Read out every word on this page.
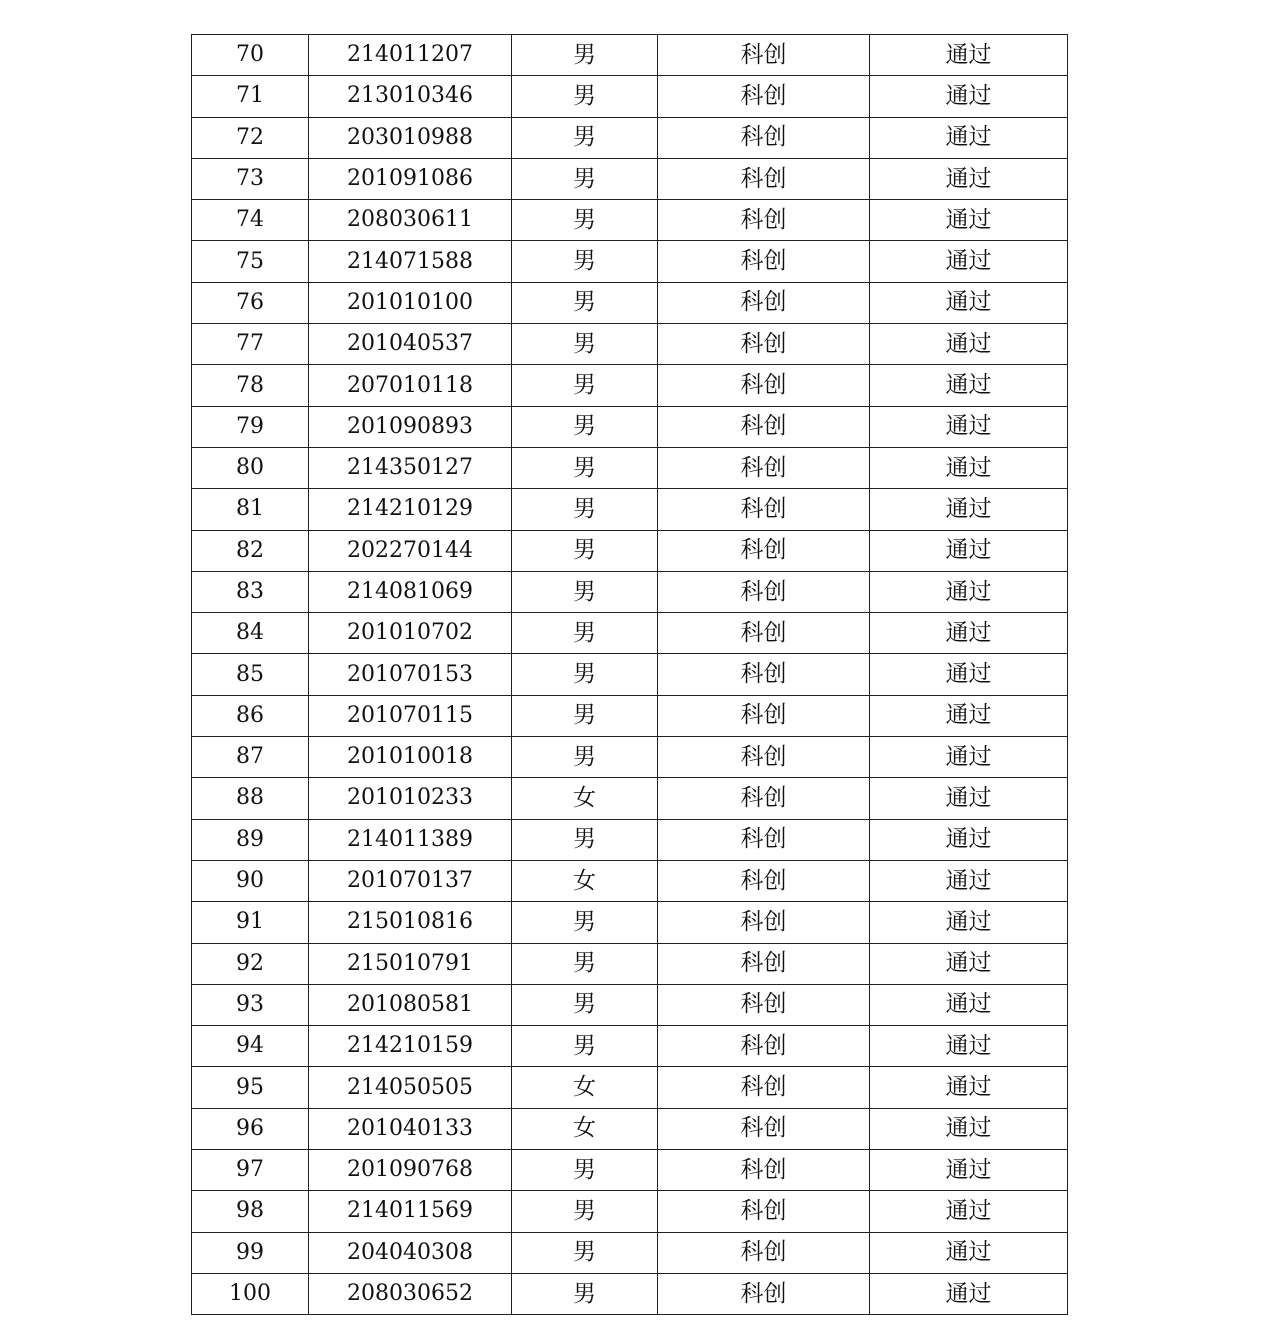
70	214011207	男	科创	通过
71	213010346	男	科创	通过
72	203010988	男	科创	通过
73	201091086	男	科创	通过
74	208030611	男	科创	通过
75	214071588	男	科创	通过
76	201010100	男	科创	通过
77	201040537	男	科创	通过
78	207010118	男	科创	通过
79	201090893	男	科创	通过
80	214350127	男	科创	通过
81	214210129	男	科创	通过
82	202270144	男	科创	通过
83	214081069	男	科创	通过
84	201010702	男	科创	通过
85	201070153	男	科创	通过
86	201070115	男	科创	通过
87	201010018	男	科创	通过
88	201010233	女	科创	通过
89	214011389	男	科创	通过
90	201070137	女	科创	通过
91	215010816	男	科创	通过
92	215010791	男	科创	通过
93	201080581	男	科创	通过
94	214210159	男	科创	通过
95	214050505	女	科创	通过
96	201040133	女	科创	通过
97	201090768	男	科创	通过
98	214011569	男	科创	通过
99	204040308	男	科创	通过
100	208030652	男	科创	通过
